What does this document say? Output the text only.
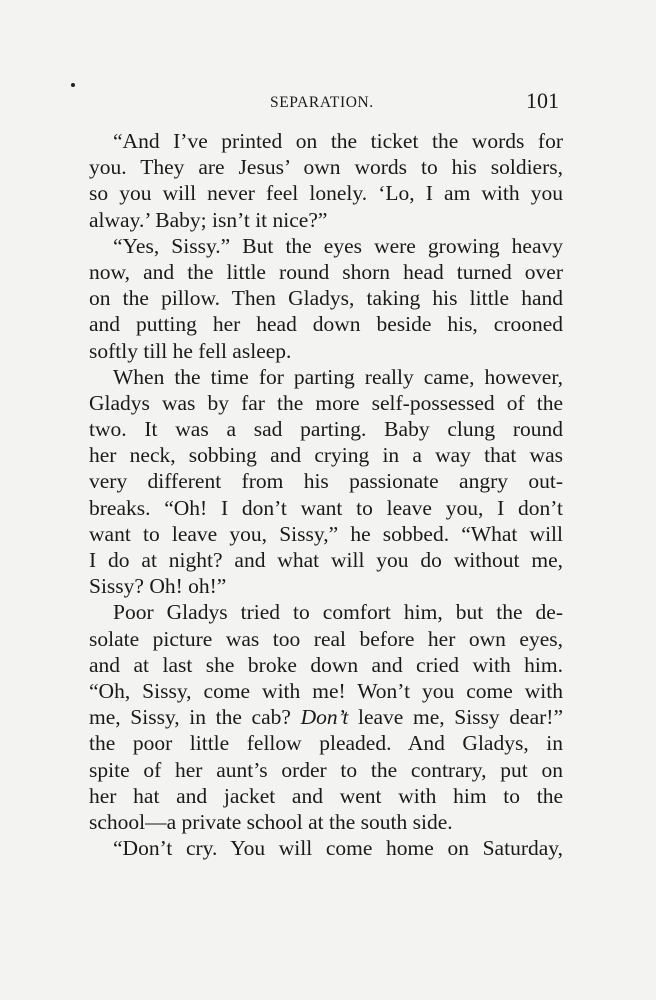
SEPARATION.	101
“And I’ve printed on the ticket the words for
you. They are Jesus’ own words to his soldiers,
so you will never feel lonely. ‘Lo, I am with you
alway.’ Baby; isn’t it nice?”
“Yes, Sissy.” But the eyes were growing heavy
now, and the little round shorn head turned over
on the pillow. Then Gladys, taking his little hand
and putting her head down beside his, crooned
softly till he fell asleep.
When the time for parting really came, however,
Gladys was by far the more self-possessed of the
two. It was a sad parting. Baby clung round
her neck, sobbing and crying in a way that was
very different from his passionate angry out-
breaks. “Oh! I don’t want to leave you, I don’t
want to leave you, Sissy,” he sobbed. “What will
I do at night? and what will you do without me,
Sissy? Oh! oh!”
Poor Gladys tried to comfort him, but the de-
solate picture was too real before her own eyes,
and at last she broke down and cried with him.
“Oh, Sissy, come with me! Won’t you come with
me, Sissy, in the cab? Don’t leave me, Sissy dear!”
the poor little fellow pleaded. And Gladys, in
spite of her aunt’s order to the contrary, put on
her hat and jacket and went with him to the
school—a private school at the south side.
“Don’t cry. You will come home on Saturday,
